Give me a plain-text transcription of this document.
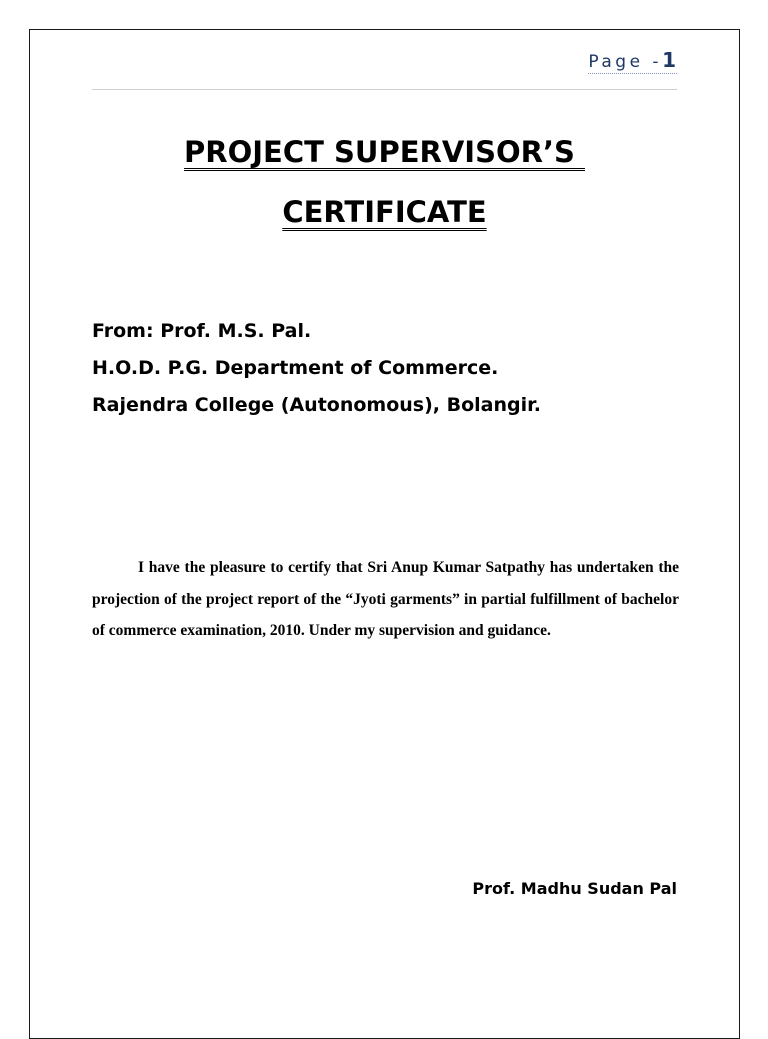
Page -1
PROJECT SUPERVISOR’S
CERTIFICATE
From: Prof. M.S. Pal.
H.O.D. P.G. Department of Commerce.
Rajendra College (Autonomous), Bolangir.

I have the pleasure to certify that Sri Anup Kumar Satpathy has undertaken the projection of the project report of the “Jyoti garments” in partial fulfillment of bachelor of commerce examination, 2010. Under my supervision and guidance.

Prof. Madhu Sudan Pal
